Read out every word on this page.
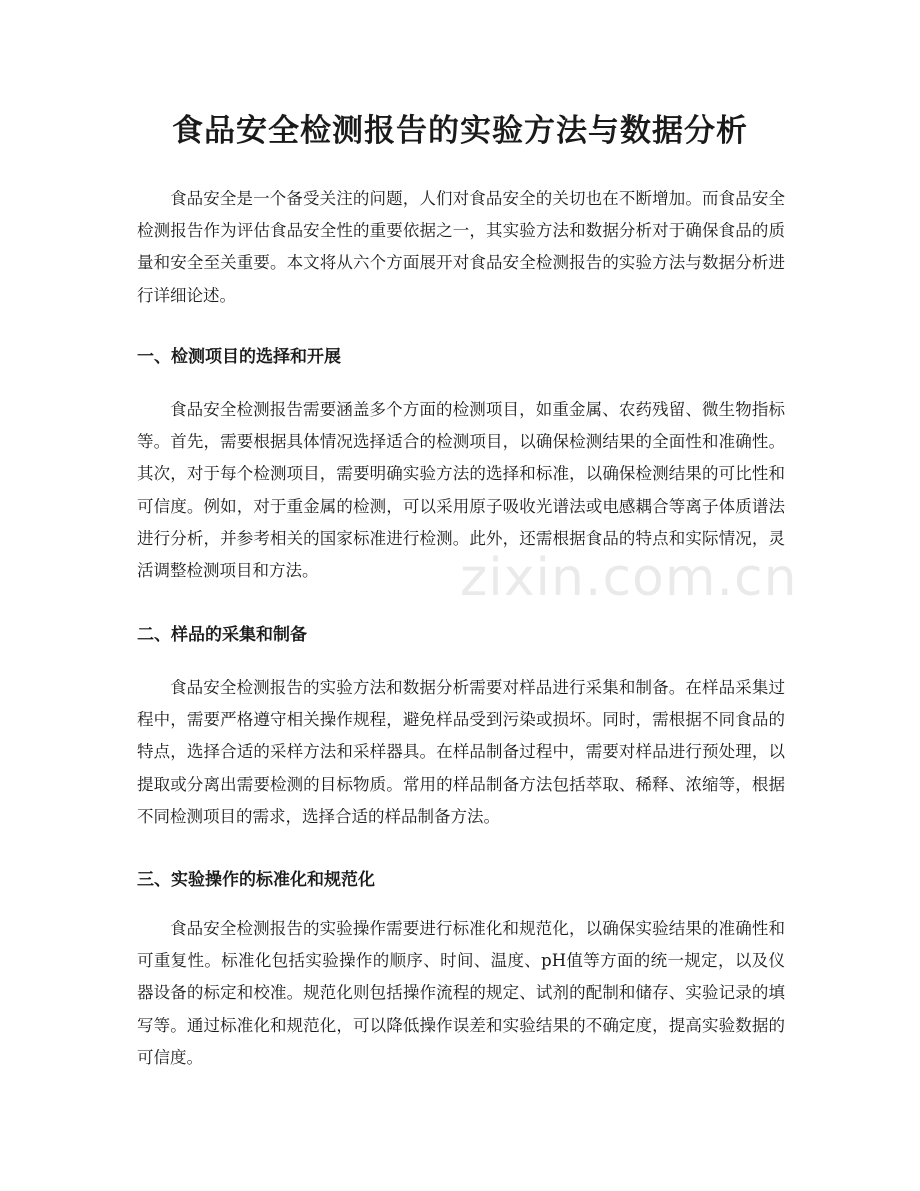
食品安全检测报告的实验方法与数据分析

食品安全是一个备受关注的问题，人们对食品安全的关切也在不断增加。而食品安全检测报告作为评估食品安全性的重要依据之一，其实验方法和数据分析对于确保食品的质量和安全至关重要。本文将从六个方面展开对食品安全检测报告的实验方法与数据分析进行详细论述。

一、检测项目的选择和开展

食品安全检测报告需要涵盖多个方面的检测项目，如重金属、农药残留、微生物指标等。首先，需要根据具体情况选择适合的检测项目，以确保检测结果的全面性和准确性。其次，对于每个检测项目，需要明确实验方法的选择和标准，以确保检测结果的可比性和可信度。例如，对于重金属的检测，可以采用原子吸收光谱法或电感耦合等离子体质谱法进行分析，并参考相关的国家标准进行检测。此外，还需根据食品的特点和实际情况，灵活调整检测项目和方法。

二、样品的采集和制备

食品安全检测报告的实验方法和数据分析需要对样品进行采集和制备。在样品采集过程中，需要严格遵守相关操作规程，避免样品受到污染或损坏。同时，需根据不同食品的特点，选择合适的采样方法和采样器具。在样品制备过程中，需要对样品进行预处理，以提取或分离出需要检测的目标物质。常用的样品制备方法包括萃取、稀释、浓缩等，根据不同检测项目的需求，选择合适的样品制备方法。

三、实验操作的标准化和规范化

食品安全检测报告的实验操作需要进行标准化和规范化，以确保实验结果的准确性和可重复性。标准化包括实验操作的顺序、时间、温度、pH值等方面的统一规定，以及仪器设备的标定和校准。规范化则包括操作流程的规定、试剂的配制和储存、实验记录的填写等。通过标准化和规范化，可以降低操作误差和实验结果的不确定度，提高实验数据的可信度。

zixin.com.cn
